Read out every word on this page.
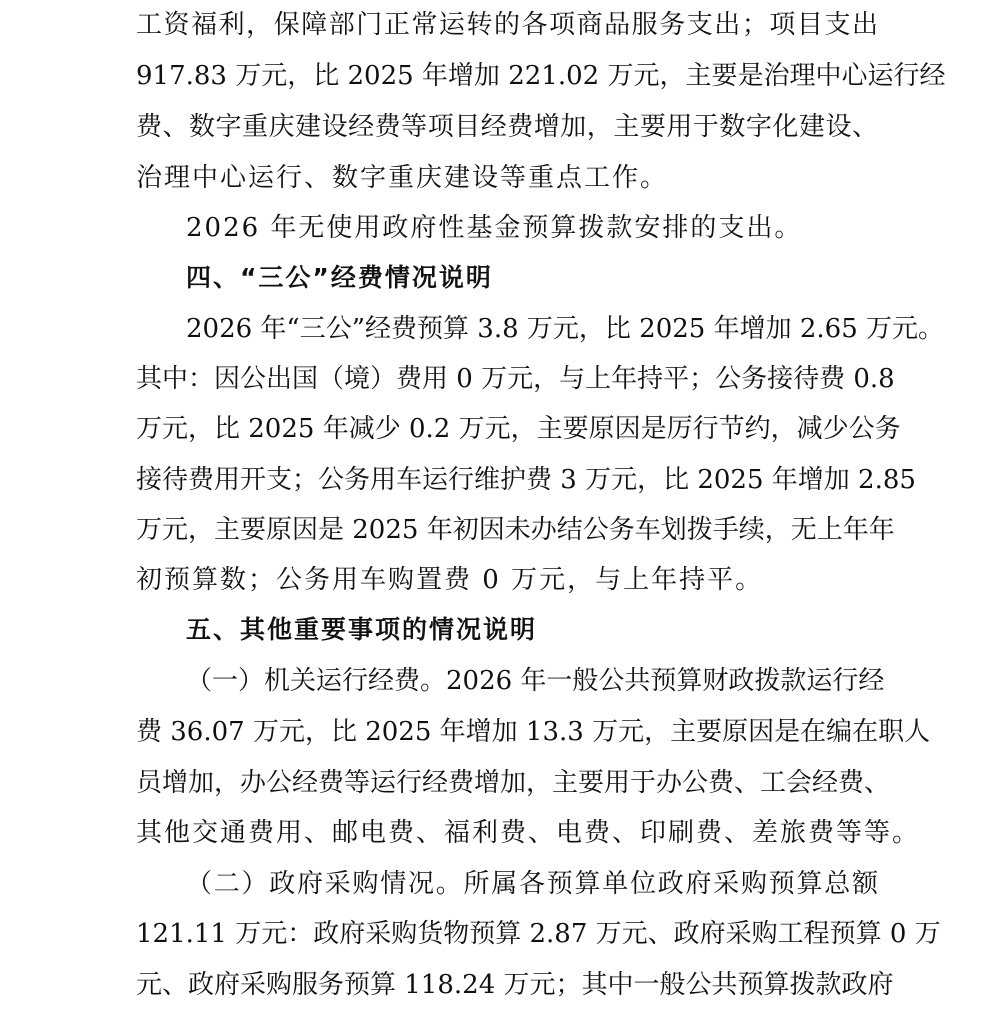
工资福利，保障部门正常运转的各项商品服务支出；项目支出
917.83 万元，比 2025 年增加 221.02 万元，主要是治理中心运行经
费、数字重庆建设经费等项目经费增加，主要用于数字化建设、
治理中心运行、数字重庆建设等重点工作。
2026 年无使用政府性基金预算拨款安排的支出。
四、“三公”经费情况说明
2026 年“三公”经费预算 3.8 万元，比 2025 年增加 2.65 万元。
其中：因公出国（境）费用 0 万元，与上年持平；公务接待费 0.8
万元，比 2025 年减少 0.2 万元，主要原因是厉行节约，减少公务
接待费用开支；公务用车运行维护费 3 万元，比 2025 年增加 2.85
万元，主要原因是 2025 年初因未办结公务车划拨手续，无上年年
初预算数；公务用车购置费 0 万元，与上年持平。
五、其他重要事项的情况说明
（一）机关运行经费。2026 年一般公共预算财政拨款运行经
费 36.07 万元，比 2025 年增加 13.3 万元，主要原因是在编在职人
员增加，办公经费等运行经费增加，主要用于办公费、工会经费、
其他交通费用、邮电费、福利费、电费、印刷费、差旅费等等。
（二）政府采购情况。所属各预算单位政府采购预算总额
121.11 万元：政府采购货物预算 2.87 万元、政府采购工程预算 0 万
元、政府采购服务预算 118.24 万元；其中一般公共预算拨款政府
